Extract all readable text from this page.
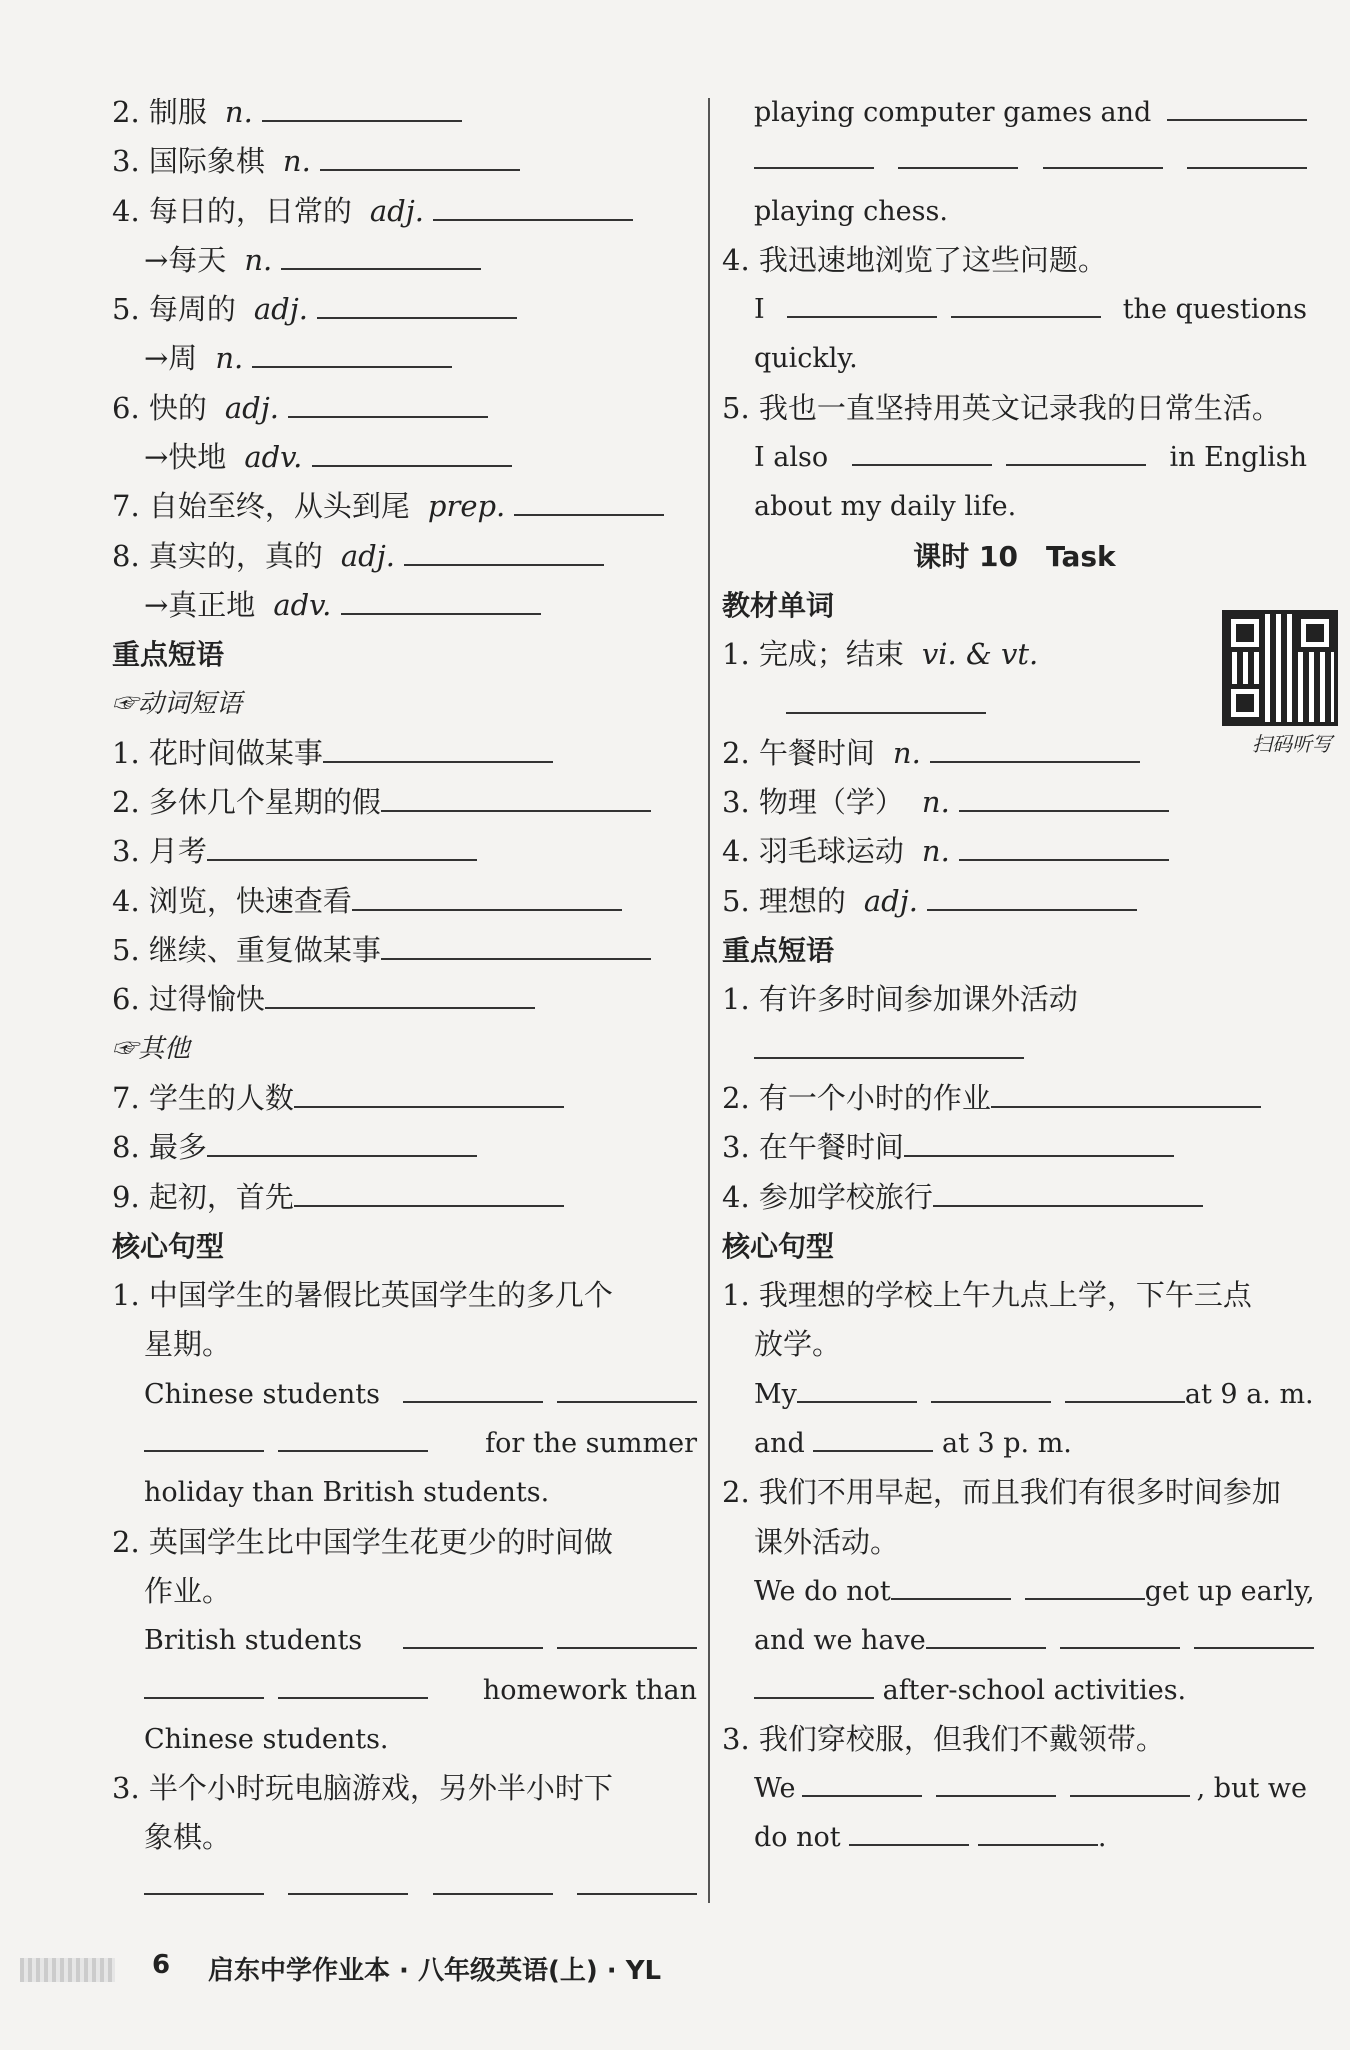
2. 制服 n.
3. 国际象棋 n.
4. 每日的，日常的 adj.
→每天 n.
5. 每周的 adj.
→周 n.
6. 快的 adj.
→快地 adv.
7. 自始至终，从头到尾 prep.
8. 真实的，真的 adj.
→真正地 adv.
重点短语
☞动词短语
1. 花时间做某事
2. 多休几个星期的假
3. 月考
4. 浏览，快速查看
5. 继续、重复做某事
6. 过得愉快
☞其他
7. 学生的人数
8. 最多
9. 起初，首先
核心句型
1. 中国学生的暑假比英国学生的多几个
星期。
Chinese students
for the summer
holiday than British students.
2. 英国学生比中国学生花更少的时间做
作业。
British students
homework than
Chinese students.
3. 半个小时玩电脑游戏，另外半小时下
象棋。
playing computer games and
playing chess.
4. 我迅速地浏览了这些问题。
I	the questions
quickly.
5. 我也一直坚持用英文记录我的日常生活。
I also	in English
about my daily life.
课时 10　Task
教材单词
1. 完成；结束 vi. & vt.
2. 午餐时间 n.
3. 物理（学） n.
4. 羽毛球运动 n.
5. 理想的 adj.
重点短语
1. 有许多时间参加课外活动
2. 有一个小时的作业
3. 在午餐时间
4. 参加学校旅行
核心句型
1. 我理想的学校上午九点上学，下午三点
放学。
My	at 9 a. m.
and	at 3 p. m.
2. 我们不用早起，而且我们有很多时间参加
课外活动。
We do not	get up early,
and we have
after-school activities.
3. 我们穿校服，但我们不戴领带。
We	, but we
do not	.
扫码听写
6 启东中学作业本 · 八年级英语(上) · YL
